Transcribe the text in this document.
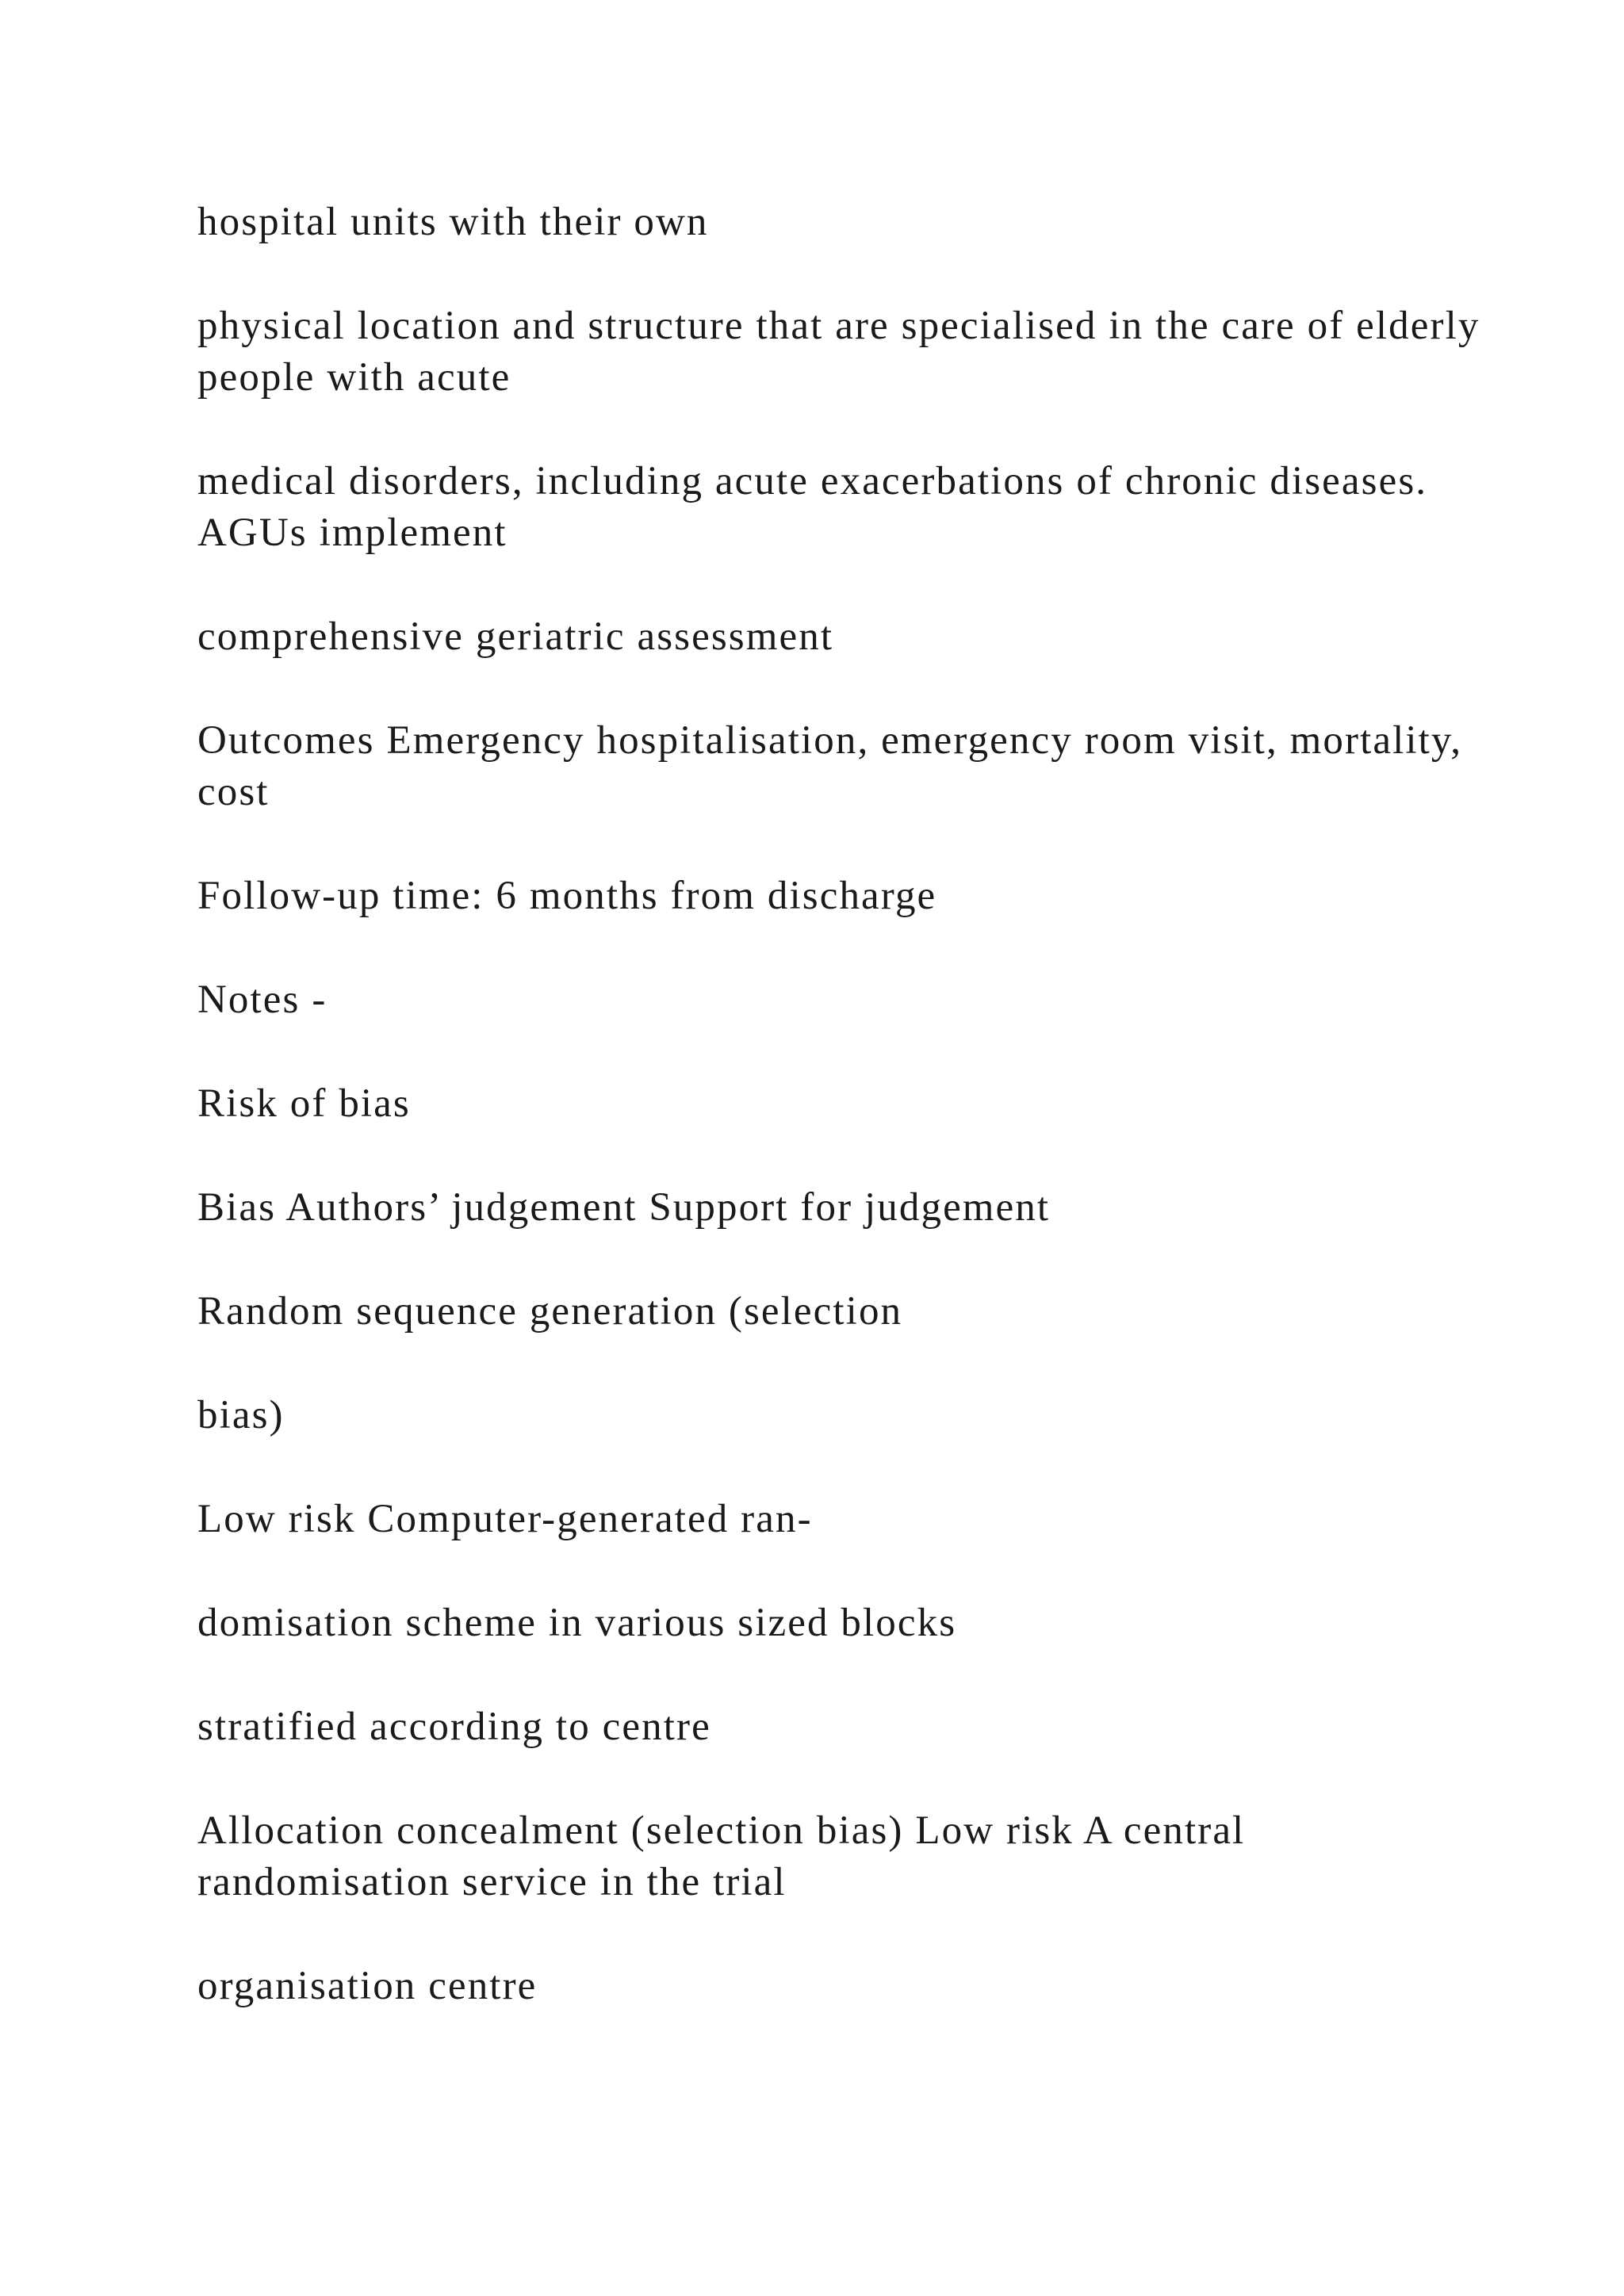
hospital units with their own

physical location and structure that are specialised in the care of elderly people with acute

medical disorders, including acute exacerbations of chronic diseases. AGUs implement

comprehensive geriatric assessment

Outcomes Emergency hospitalisation, emergency room visit, mortality, cost

Follow-up time: 6 months from discharge

Notes -

Risk of bias

Bias Authors’ judgement Support for judgement

Random sequence generation (selection

bias)

Low risk Computer-generated ran-

domisation scheme in various sized blocks

stratified according to centre

Allocation concealment (selection bias) Low risk A central randomisation service in the trial

organisation centre
